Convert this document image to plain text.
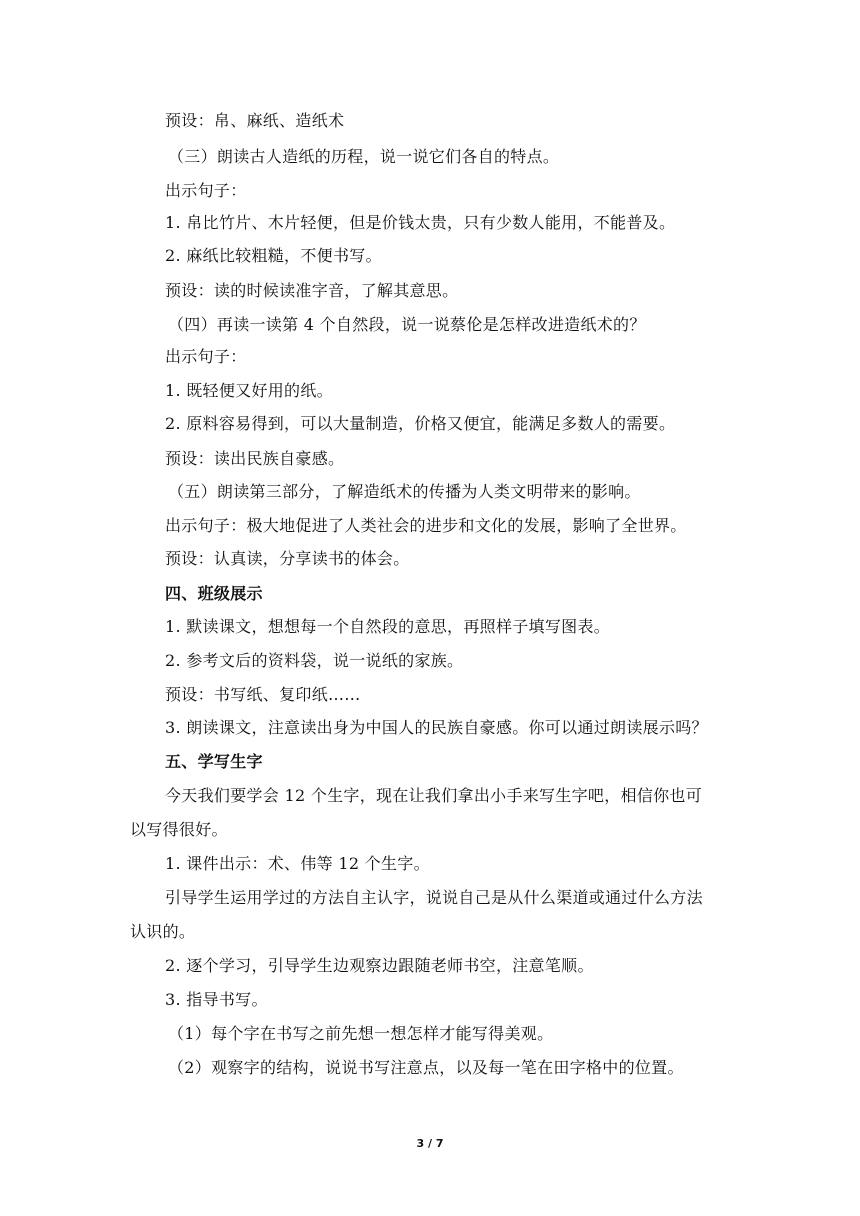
预设：帛、麻纸、造纸术
（三）朗读古人造纸的历程，说一说它们各自的特点。
出示句子：
1. 帛比竹片、木片轻便，但是价钱太贵，只有少数人能用，不能普及。
2. 麻纸比较粗糙，不便书写。
预设：读的时候读准字音，了解其意思。
（四）再读一读第 4 个自然段，说一说蔡伦是怎样改进造纸术的？
出示句子：
1. 既轻便又好用的纸。
2. 原料容易得到，可以大量制造，价格又便宜，能满足多数人的需要。
预设：读出民族自豪感。
（五）朗读第三部分，了解造纸术的传播为人类文明带来的影响。
出示句子：极大地促进了人类社会的进步和文化的发展，影响了全世界。
预设：认真读，分享读书的体会。
四、班级展示
1. 默读课文，想想每一个自然段的意思，再照样子填写图表。
2. 参考文后的资料袋，说一说纸的家族。
预设：书写纸、复印纸……
3. 朗读课文，注意读出身为中国人的民族自豪感。你可以通过朗读展示吗？
五、学写生字
今天我们要学会 12 个生字，现在让我们拿出小手来写生字吧，相信你也可
以写得很好。
1. 课件出示：术、伟等 12 个生字。
引导学生运用学过的方法自主认字，说说自己是从什么渠道或通过什么方法
认识的。
2. 逐个学习，引导学生边观察边跟随老师书空，注意笔顺。
3. 指导书写。
（1）每个字在书写之前先想一想怎样才能写得美观。
（2）观察字的结构，说说书写注意点，以及每一笔在田字格中的位置。
3 / 7
